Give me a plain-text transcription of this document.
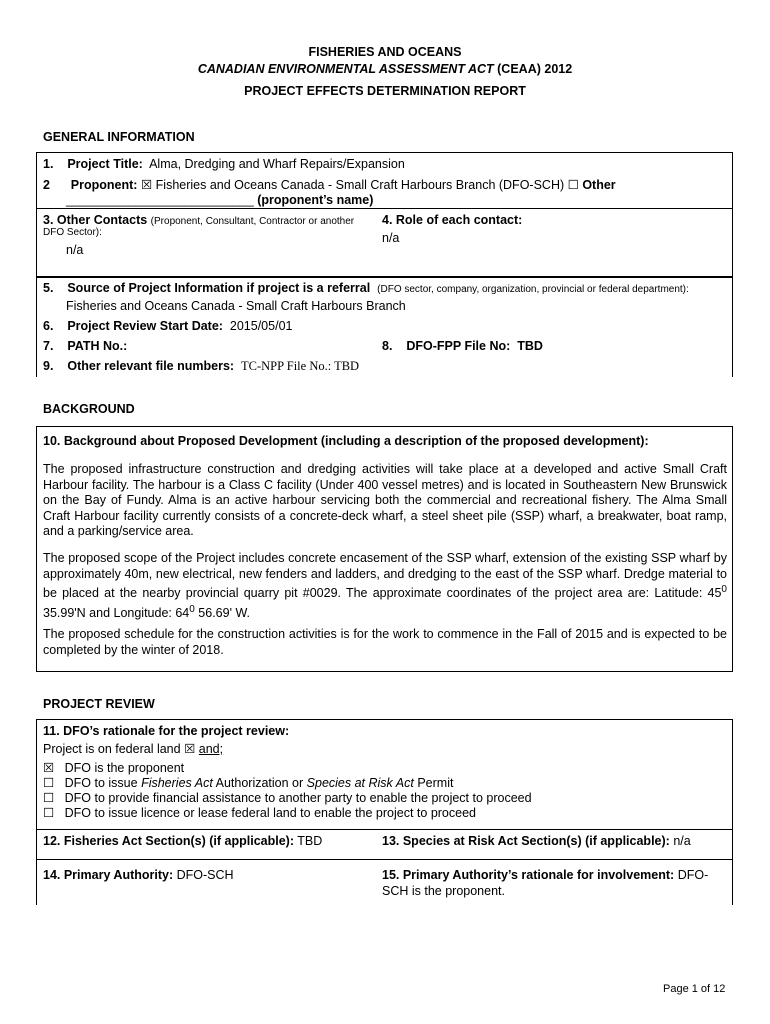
FISHERIES AND OCEANS
CANADIAN ENVIRONMENTAL ASSESSMENT ACT (CEAA) 2012
PROJECT EFFECTS DETERMINATION REPORT
GENERAL INFORMATION
1. Project Title: Alma, Dredging and Wharf Repairs/Expansion
2 Proponent: ☒ Fisheries and Oceans Canada - Small Craft Harbours Branch (DFO-SCH) ☐ Other
___________________________ (proponent’s name)
3. Other Contacts (Proponent, Consultant, Contractor or another
DFO Sector):
n/a
4. Role of each contact:
n/a
5. Source of Project Information if project is a referral (DFO sector, company, organization, provincial or federal department):
Fisheries and Oceans Canada - Small Craft Harbours Branch
6. Project Review Start Date: 2015/05/01
7. PATH No.:	8. DFO-FPP File No: TBD
9. Other relevant file numbers: TC-NPP File No.: TBD
BACKGROUND
10. Background about Proposed Development (including a description of the proposed development):
The proposed infrastructure construction and dredging activities will take place at a developed and active Small Craft Harbour facility. The harbour is a Class C facility (Under 400 vessel metres) and is located in Southeastern New Brunswick on the Bay of Fundy. Alma is an active harbour servicing both the commercial and recreational fishery. The Alma Small Craft Harbour facility currently consists of a concrete-deck wharf, a steel sheet pile (SSP) wharf, a breakwater, boat ramp, and a parking/service area.
The proposed scope of the Project includes concrete encasement of the SSP wharf, extension of the existing SSP wharf by approximately 40m, new electrical, new fenders and ladders, and dredging to the east of the SSP wharf. Dredge material to be placed at the nearby provincial quarry pit #0029. The approximate coordinates of the project area are: Latitude: $45^0$ 35.99'N and Longitude: $64^0$ 56.69' W.
The proposed schedule for the construction activities is for the work to commence in the Fall of 2015 and is expected to be completed by the winter of 2018.
PROJECT REVIEW
11. DFO’s rationale for the project review:
Project is on federal land ☒ and;
☒ DFO is the proponent
☐ DFO to issue Fisheries Act Authorization or Species at Risk Act Permit
☐ DFO to provide financial assistance to another party to enable the project to proceed
☐ DFO to issue licence or lease federal land to enable the project to proceed
12. Fisheries Act Section(s) (if applicable): TBD	13. Species at Risk Act Section(s) (if applicable): n/a
14. Primary Authority: DFO-SCH	15. Primary Authority’s rationale for involvement: DFO-
SCH is the proponent.
Page 1 of 12
